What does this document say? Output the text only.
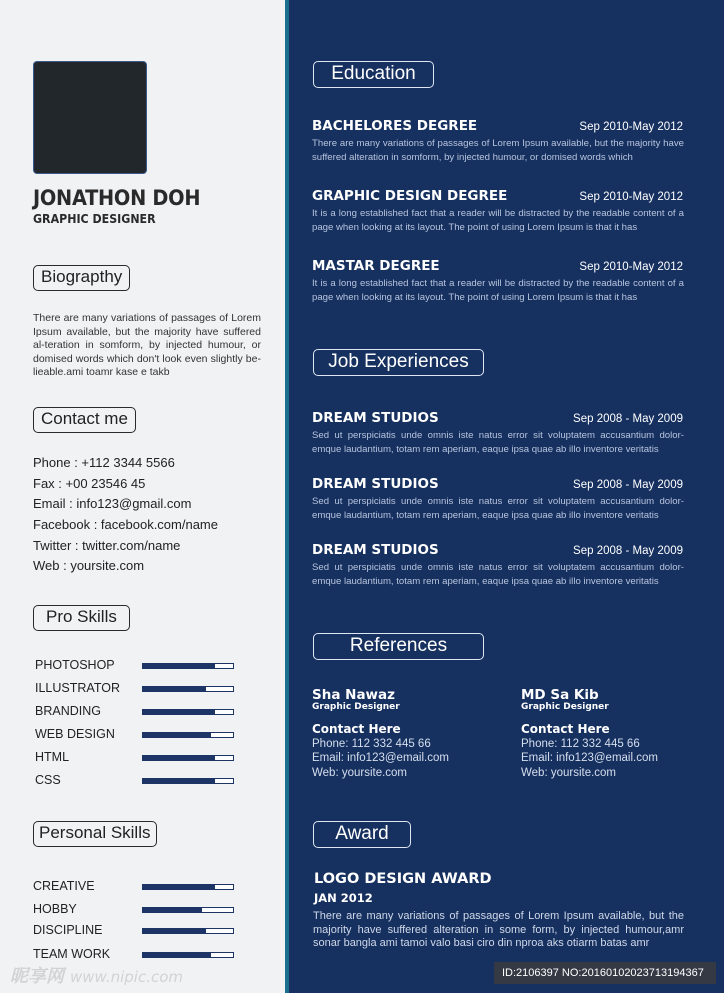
JONATHON DOH
GRAPHIC DESIGNER
Biograpthy
There are many variations of passages of Lorem Ipsum available, but the majority have suffered al-teration in somform, by injected humour, or domised words which don't look even slightly be-lieable.ami toamr kase e takb
Contact me
Phone : +112 3344 5566
Fax : +00 23546 45
Email : info123@gmail.com
Facebook : facebook.com/name
Twitter : twitter.com/name
Web : yoursite.com
Pro Skills
PHOTOSHOP
ILLUSTRATOR
BRANDING
WEB DESIGN
HTML
CSS
Personal Skills
CREATIVE
HOBBY
DISCIPLINE
TEAM WORK
Education
BACHELORES DEGREE	Sep 2010-May 2012
There are many variations of passages of Lorem Ipsum available, but the majority have suffered alteration in somform, by injected humour, or domised words which
GRAPHIC DESIGN DEGREE	Sep 2010-May 2012
It is a long established fact that a reader will be distracted by the readable content of a page when looking at its layout. The point of using Lorem Ipsum is that it has
MASTAR DEGREE	Sep 2010-May 2012
It is a long established fact that a reader will be distracted by the readable content of a page when looking at its layout. The point of using Lorem Ipsum is that it has
Job Experiences
DREAM STUDIOS	Sep 2008 - May 2009
Sed ut perspiciatis unde omnis iste natus error sit voluptatem accusantium dolor-emque laudantium, totam rem aperiam, eaque ipsa quae ab illo inventore veritatis
DREAM STUDIOS	Sep 2008 - May 2009
Sed ut perspiciatis unde omnis iste natus error sit voluptatem accusantium dolor-emque laudantium, totam rem aperiam, eaque ipsa quae ab illo inventore veritatis
DREAM STUDIOS	Sep 2008 - May 2009
Sed ut perspiciatis unde omnis iste natus error sit voluptatem accusantium dolor-emque laudantium, totam rem aperiam, eaque ipsa quae ab illo inventore veritatis
References
Sha Nawaz
Graphic Designer
Contact Here
Phone: 112 332 445 66
Email: info123@email.com
Web: yoursite.com
MD Sa Kib
Graphic Designer
Contact Here
Phone: 112 332 445 66
Email: info123@email.com
Web: yoursite.com
Award
LOGO DESIGN AWARD
JAN 2012
There are many variations of passages of Lorem Ipsum available, but the majority have suffered alteration in some form, by injected humour,amr sonar bangla ami tamoi valo basi ciro din nproa aks otiarm batas amr
昵享网 www.nipic.com	ID:2106397 NO:20160102023713194367
